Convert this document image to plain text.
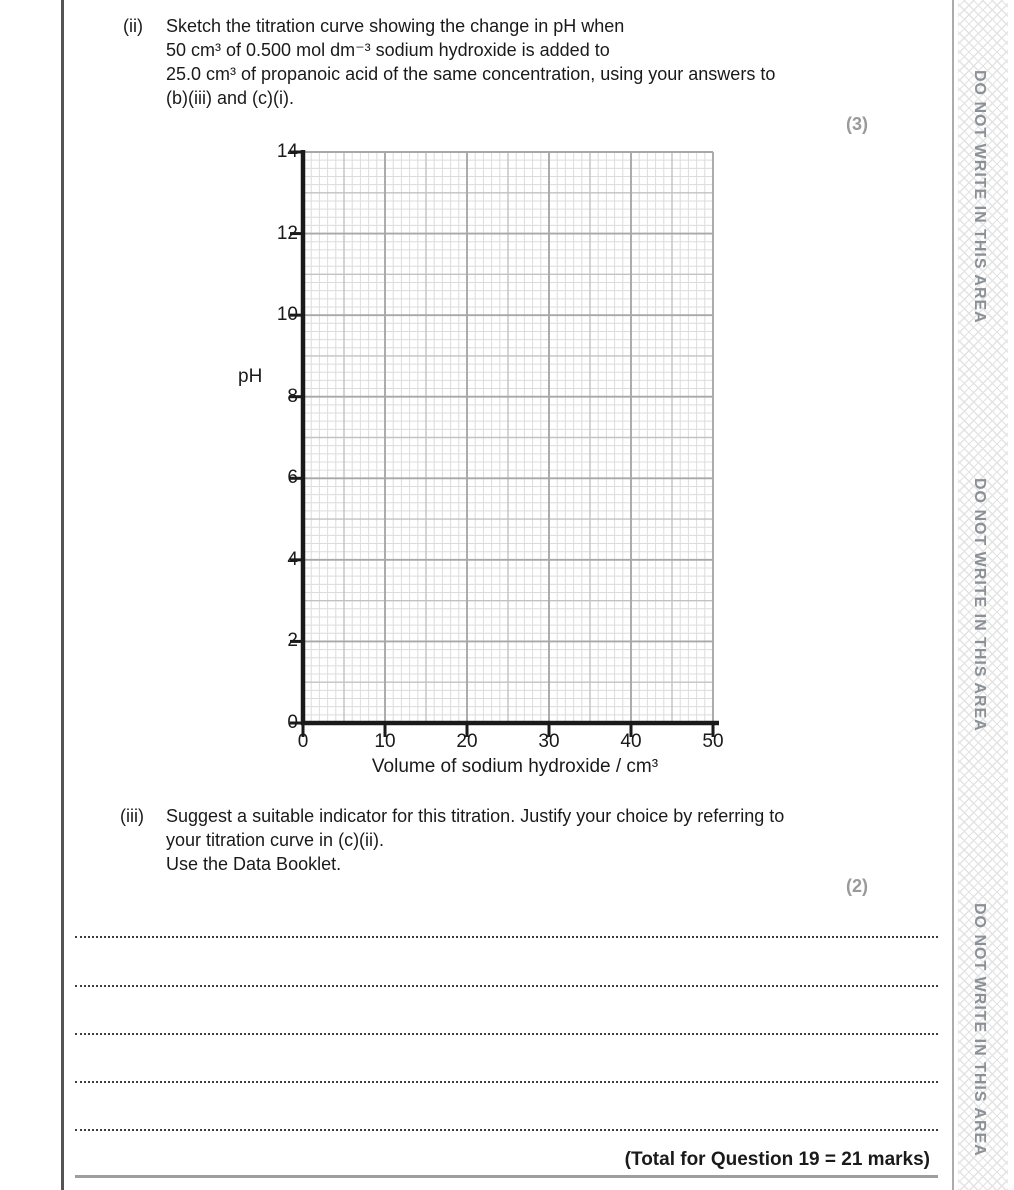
(ii) Sketch the titration curve showing the change in pH when
50 cm³ of 0.500 mol dm⁻³ sodium hydroxide is added to
25.0 cm³ of propanoic acid of the same concentration, using your answers to
(b)(iii) and (c)(i).
(3)
pH
14
12
10
8
6
4
2
0
0	10	20	30	40	50
Volume of sodium hydroxide / cm³
(iii) Suggest a suitable indicator for this titration. Justify your choice by referring to
your titration curve in (c)(ii).
Use the Data Booklet.
(2)
(Total for Question 19 = 21 marks)
DO NOT WRITE IN THIS AREA
DO NOT WRITE IN THIS AREA
DO NOT WRITE IN THIS AREA
